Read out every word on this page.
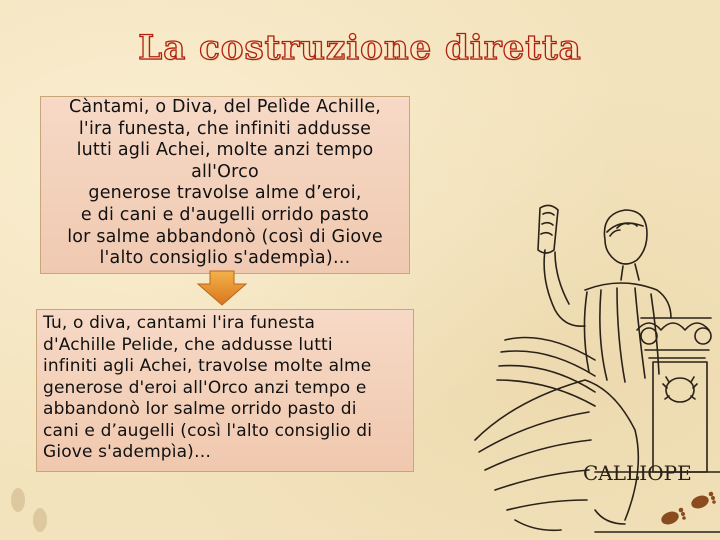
La costruzione diretta
Càntami, o Diva, del Pelìde Achille,
l'ira funesta, che infiniti addusse
lutti agli Achei, molte anzi tempo
all'Orco
generose travolse alme d’eroi,
e di cani e d'augelli orrido pasto
lor salme abbandonò (così di Giove
l'alto consiglio s'adempìa)…
Tu, o diva, cantami l'ira funesta
d'Achille Pelide, che addusse lutti
infiniti agli Achei, travolse molte alme
generose d'eroi all'Orco anzi tempo e
abbandonò lor salme orrido pasto di
cani e d’augelli (così l'alto consiglio di
Giove s'adempìa)…
CALLIOPE
